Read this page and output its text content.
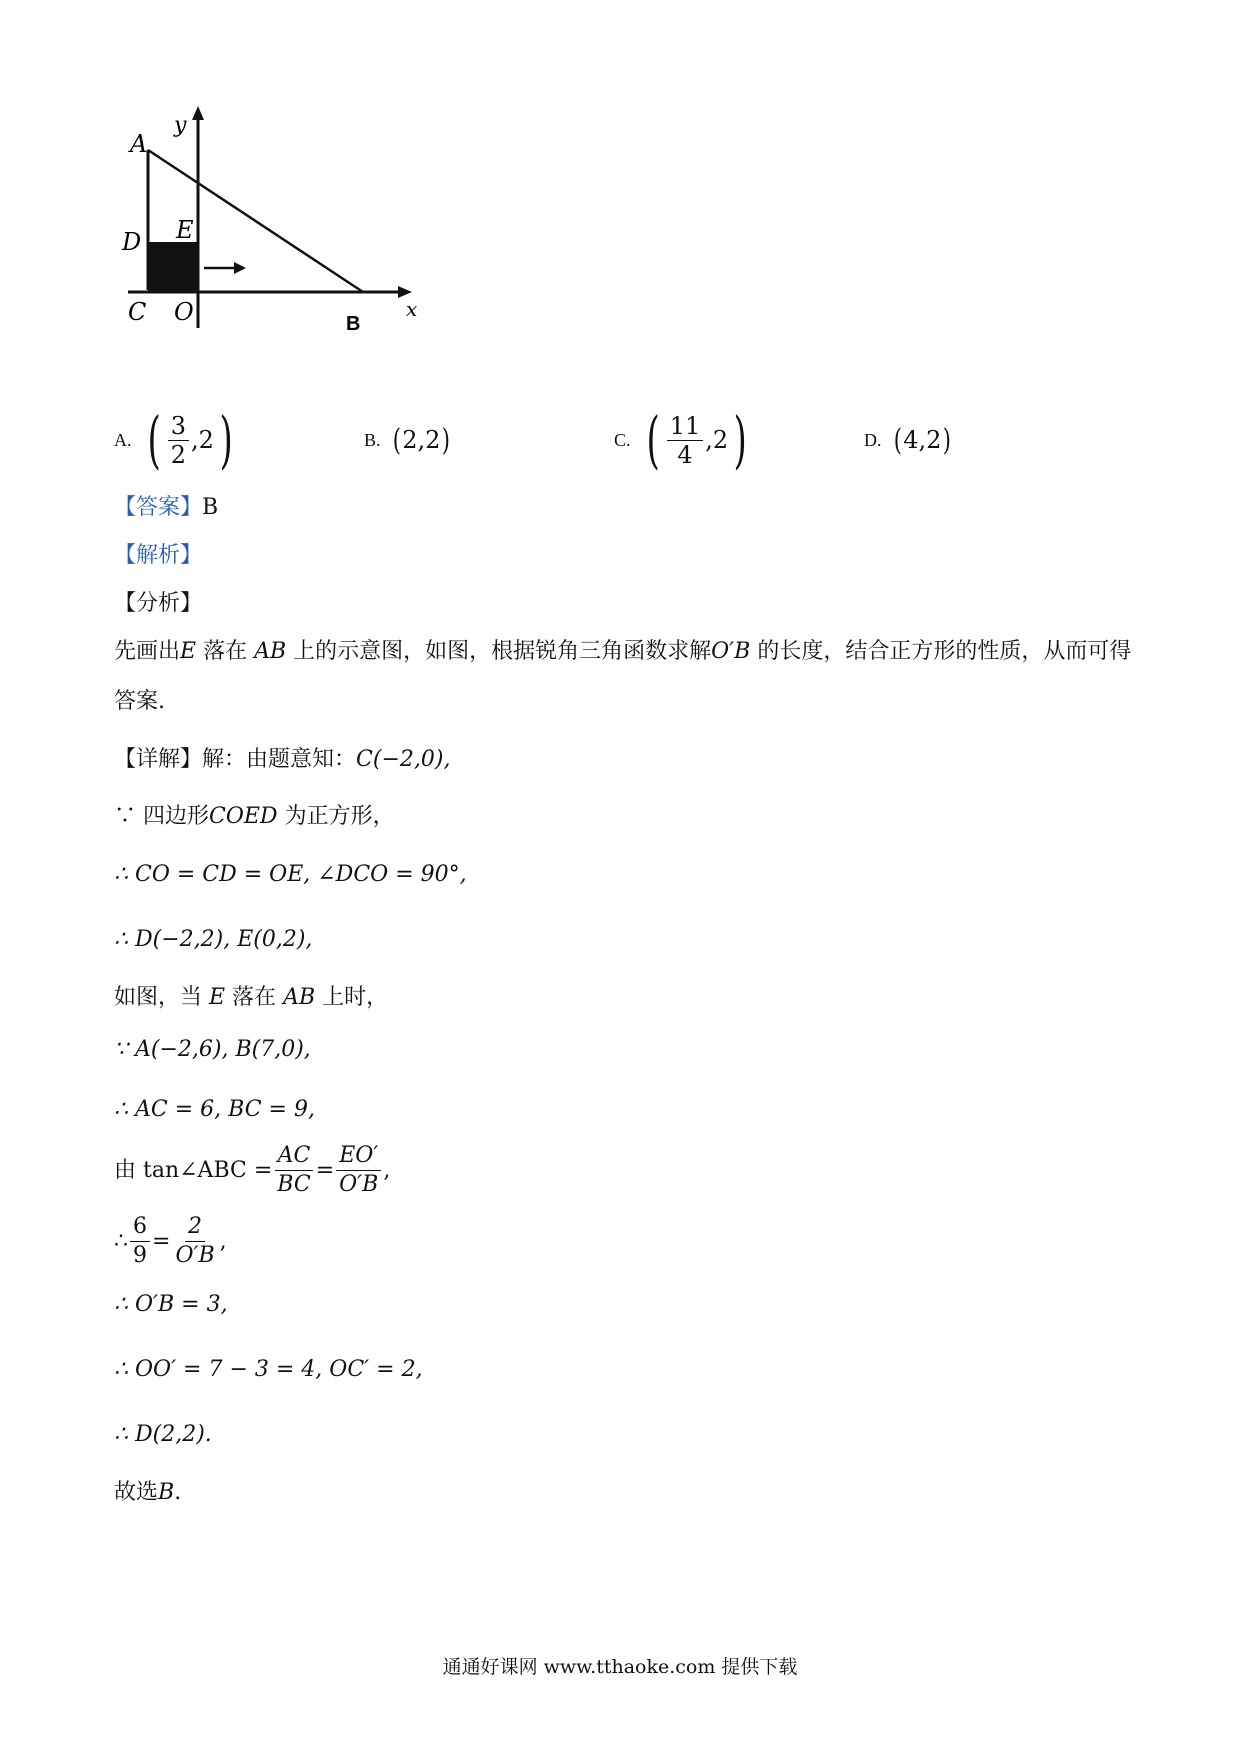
A
y
D E
C O	B
x
A. ( $\frac{3}{2} ,2$ )	B. ( 2,2 )	C. ( $\frac{11}{4} ,2$ )	D. ( 4,2 )
【答案】B
【解析】
【分析】
先画出E 落在 AB 上的示意图，如图，根据锐角三角函数求解O′B 的长度，结合正方形的性质，从而可得
答案.
【详解】解：由题意知：C(−2,0),
∵ 四边形COED 为正方形，
∴ CO = CD = OE, ∠DCO = 90°,
∴ D(−2,2), E(0,2),
如图，当 E 落在 AB 上时，
∵ A(−2,6), B(7,0),
∴ AC = 6, BC = 9,
由 tan∠ABC = $\frac{AC}{BC} = \frac{EO'}{O'B}$ ,
∴ $\frac{6}{9} = \frac{2}{O'B}$ ,
∴ O′B = 3,
∴ OO′ = 7 − 3 = 4, OC′ = 2,
∴ D(2,2).
故选B.
通通好课网 www.tthaoke.com 提供下载
